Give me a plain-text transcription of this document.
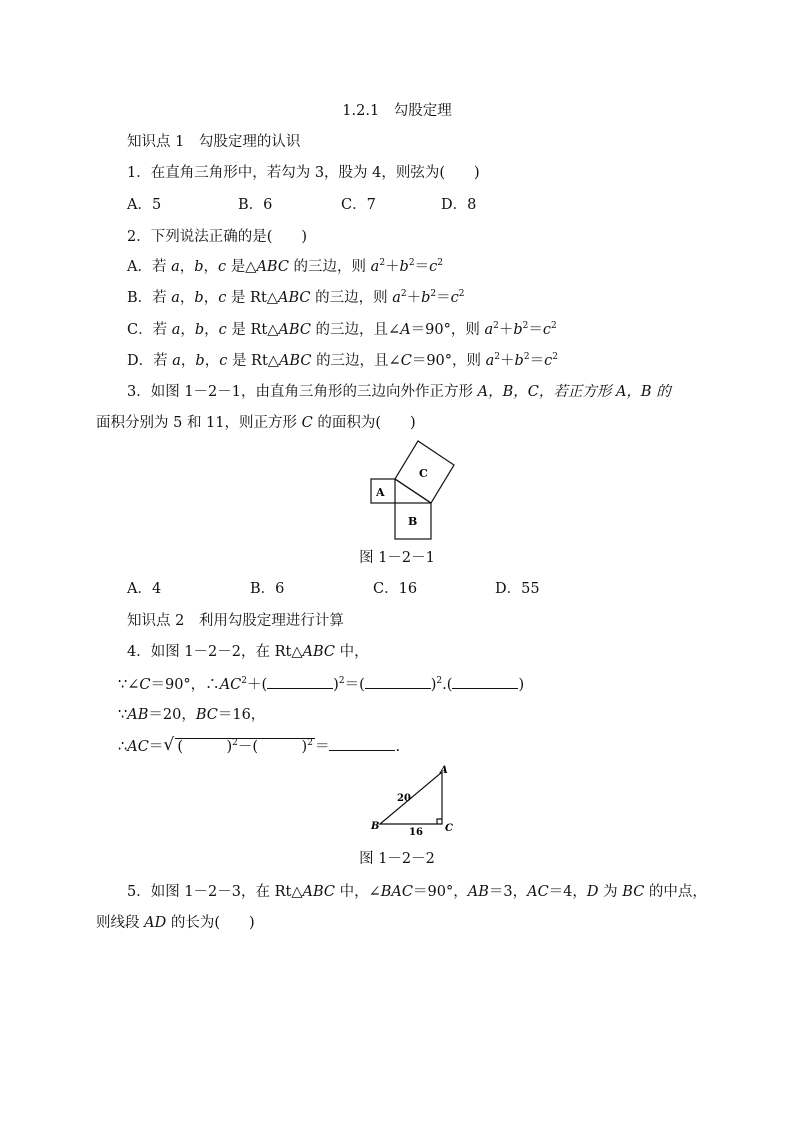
1.2.1　勾股定理
知识点 1　勾股定理的认识
1．在直角三角形中，若勾为 3，股为 4，则弦为(　　)
A．5	B．6	C．7	D．8
2．下列说法正确的是(　　)
A．若 a，b，c 是△ABC 的三边，则 $a^2+b^2=c^2$
B．若 a，b，c 是 Rt△ABC 的三边，则 $a^2+b^2=c^2$
C．若 a，b，c 是 Rt△ABC 的三边，且∠A＝90°，则 $a^2+b^2=c^2$
D．若 a，b，c 是 Rt△ABC 的三边，且∠C＝90°，则 $a^2+b^2=c^2$
3．如图 1－2－1，由直角三角形的三边向外作正方形 A，B，C，若正方形 A，B 的
面积分别为 5 和 11，则正方形 C 的面积为(　　)
A
B
C
图 1－2－1
A．4	B．6	C．16	D．55
知识点 2　利用勾股定理进行计算
4．如图 1－2－2，在 Rt△ABC 中，
∵∠C＝90°，$\therefore AC^2+$(	)$^2$＝(	)$^2$.(	)
∵AB＝20，BC＝16，
∴AC＝ √ (　　　)$^2$－(　　　)$^2$ ＝	.
A
B	C
20
16
图 1－2－2
5．如图 1－2－3，在 Rt△ABC 中，∠BAC＝90°，AB＝3，AC＝4，D 为 BC 的中点，
则线段 AD 的长为(　　)
